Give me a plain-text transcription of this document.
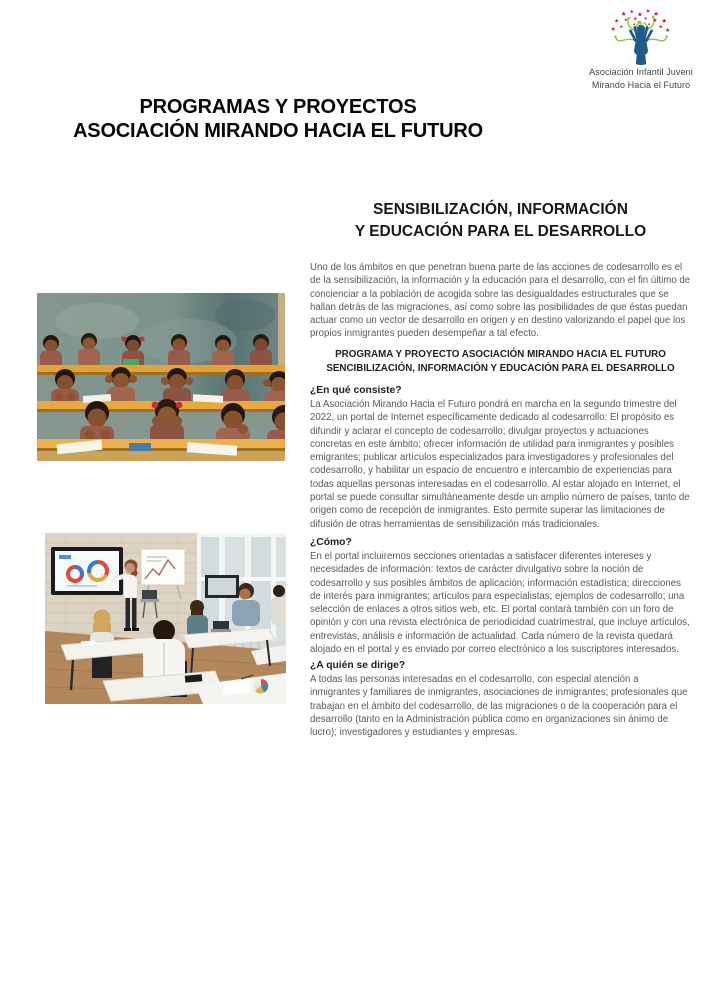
Asociación Infantil Juveni
Mirando Hacia el Futuro
PROGRAMAS Y PROYECTOS
ASOCIACIÓN MIRANDO HACIA EL FUTURO
SENSIBILIZACIÓN, INFORMACIÓN
Y EDUCACIÓN PARA EL DESARROLLO
Uno de los ámbitos en que penetran buena parte de las acciones de codesarrollo es el de la sensibilización, la información y la educación para el desarrollo, con el fin último de concienciar a la población de acogida sobre las desigualdades estructurales que se hallan detrás de las migraciones, así como sobre las posibilidades de que éstas puedan actuar como un vector de desarrollo en origen y en destino valorizando el papel que los propios inmigrantes pueden desempeñar a tal efecto.
PROGRAMA Y PROYECTO ASOCIACIÓN MIRANDO HACIA EL FUTURO
SENCIBILIZACIÓN, INFORMACIÓN Y EDUCACIÓN PARA EL DESARROLLO
¿En qué consiste?
La Asociación Mirando Hacia el Futuro pondrá en marcha en la segundo trimestre del 2022, un portal de Internet específicamente dedicado al codesarrollo: El propósito es difundir y aclarar el concepto de codesarrollo; divulgar proyectos y actuaciones concretas en este ámbito; ofrecer información de utilidad para inmigrantes y posibles emigrantes; publicar artículos especializados para investigadores y profesionales del codesarrollo, y habilitar un espacio de encuentro e intercambio de experiencias para todas aquellas personas interesadas en el codesarrollo. Al estar alojado en Internet, el portal se puede consultar simultáneamente desde un amplio número de países, tanto de origen como de recepción de inmigrantes. Esto permite superar las limitaciones de difusión de otras herramientas de sensibilización más tradicionales.
¿Cómo?
En el portal incluiremos secciones orientadas a satisfacer diferentes intereses y necesidades de información: textos de carácter divulgativo sobre la noción de codesarrollo y sus posibles ámbitos de aplicación; información estadística; direcciones de interés para inmigrantes; artículos para especialistas; ejemplos de codesarrollo; una selección de enlaces a otros sitios web, etc. El portal contará también con un foro de opinión y con una revista electrónica de periodicidad cuatrimestral, que incluye artículos, entrevistas, análisis e información de actualidad. Cada número de la revista quedará alojado en el portal y es enviado por correo electrónico a los suscriptores interesados.
¿A quién se dirige?
A todas las personas interesadas en el codesarrollo, con especial atención a inmigrantes y familiares de inmigrantes, asociaciones de inmigrantes; profesionales que trabajan en el ámbito del codesarrollo, de las migraciones o de la cooperación para el desarrollo (tanto en la Administración pública como en organizaciones sin ánimo de lucro); investigadores y estudiantes y empresas.
